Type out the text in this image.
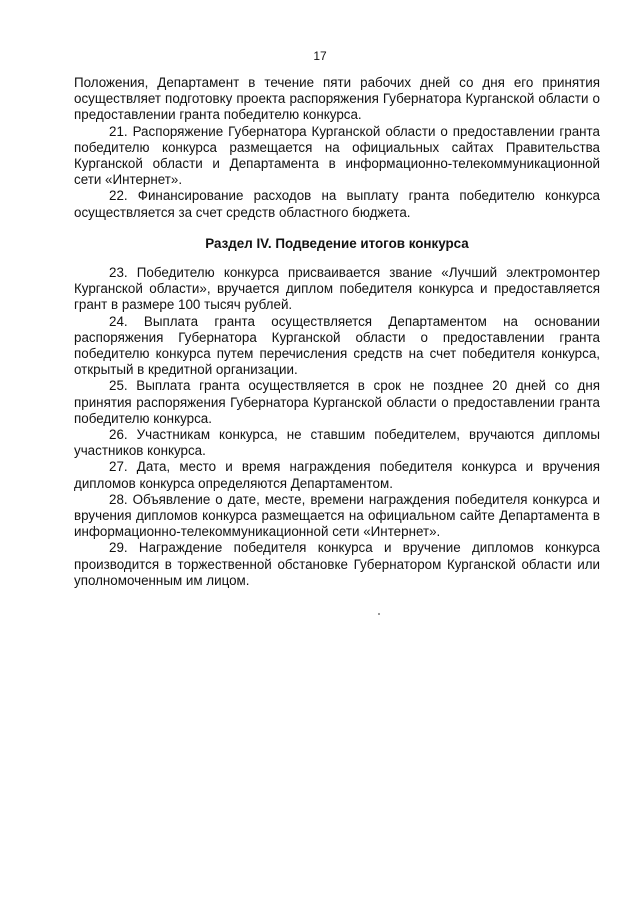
17

Положения, Департамент в течение пяти рабочих дней со дня его принятия осуществляет подготовку проекта распоряжения Губернатора Курганской области о предоставлении гранта победителю конкурса.

21. Распоряжение Губернатора Курганской области о предоставлении гранта победителю конкурса размещается на официальных сайтах Правительства Курганской области и Департамента в информационно-телекоммуникационной сети «Интернет».

22. Финансирование расходов на выплату гранта победителю конкурса осуществляется за счет средств областного бюджета.

Раздел IV. Подведение итогов конкурса

23. Победителю конкурса присваивается звание «Лучший электромонтер Курганской области», вручается диплом победителя конкурса и предоставляется грант в размере 100 тысяч рублей.

24. Выплата гранта осуществляется Департаментом на основании распоряжения Губернатора Курганской области о предоставлении гранта победителю конкурса путем перечисления средств на счет победителя конкурса, открытый в кредитной организации.

25. Выплата гранта осуществляется в срок не позднее 20 дней со дня принятия распоряжения Губернатора Курганской области о предоставлении гранта победителю конкурса.

26. Участникам конкурса, не ставшим победителем, вручаются дипломы участников конкурса.

27. Дата, место и время награждения победителя конкурса и вручения дипломов конкурса определяются Департаментом.

28. Объявление о дате, месте, времени награждения победителя конкурса и вручения дипломов конкурса размещается на официальном сайте Департамента в информационно-телекоммуникационной сети «Интернет».

29. Награждение победителя конкурса и вручение дипломов конкурса производится в торжественной обстановке Губернатором Курганской области или уполномоченным им лицом.
